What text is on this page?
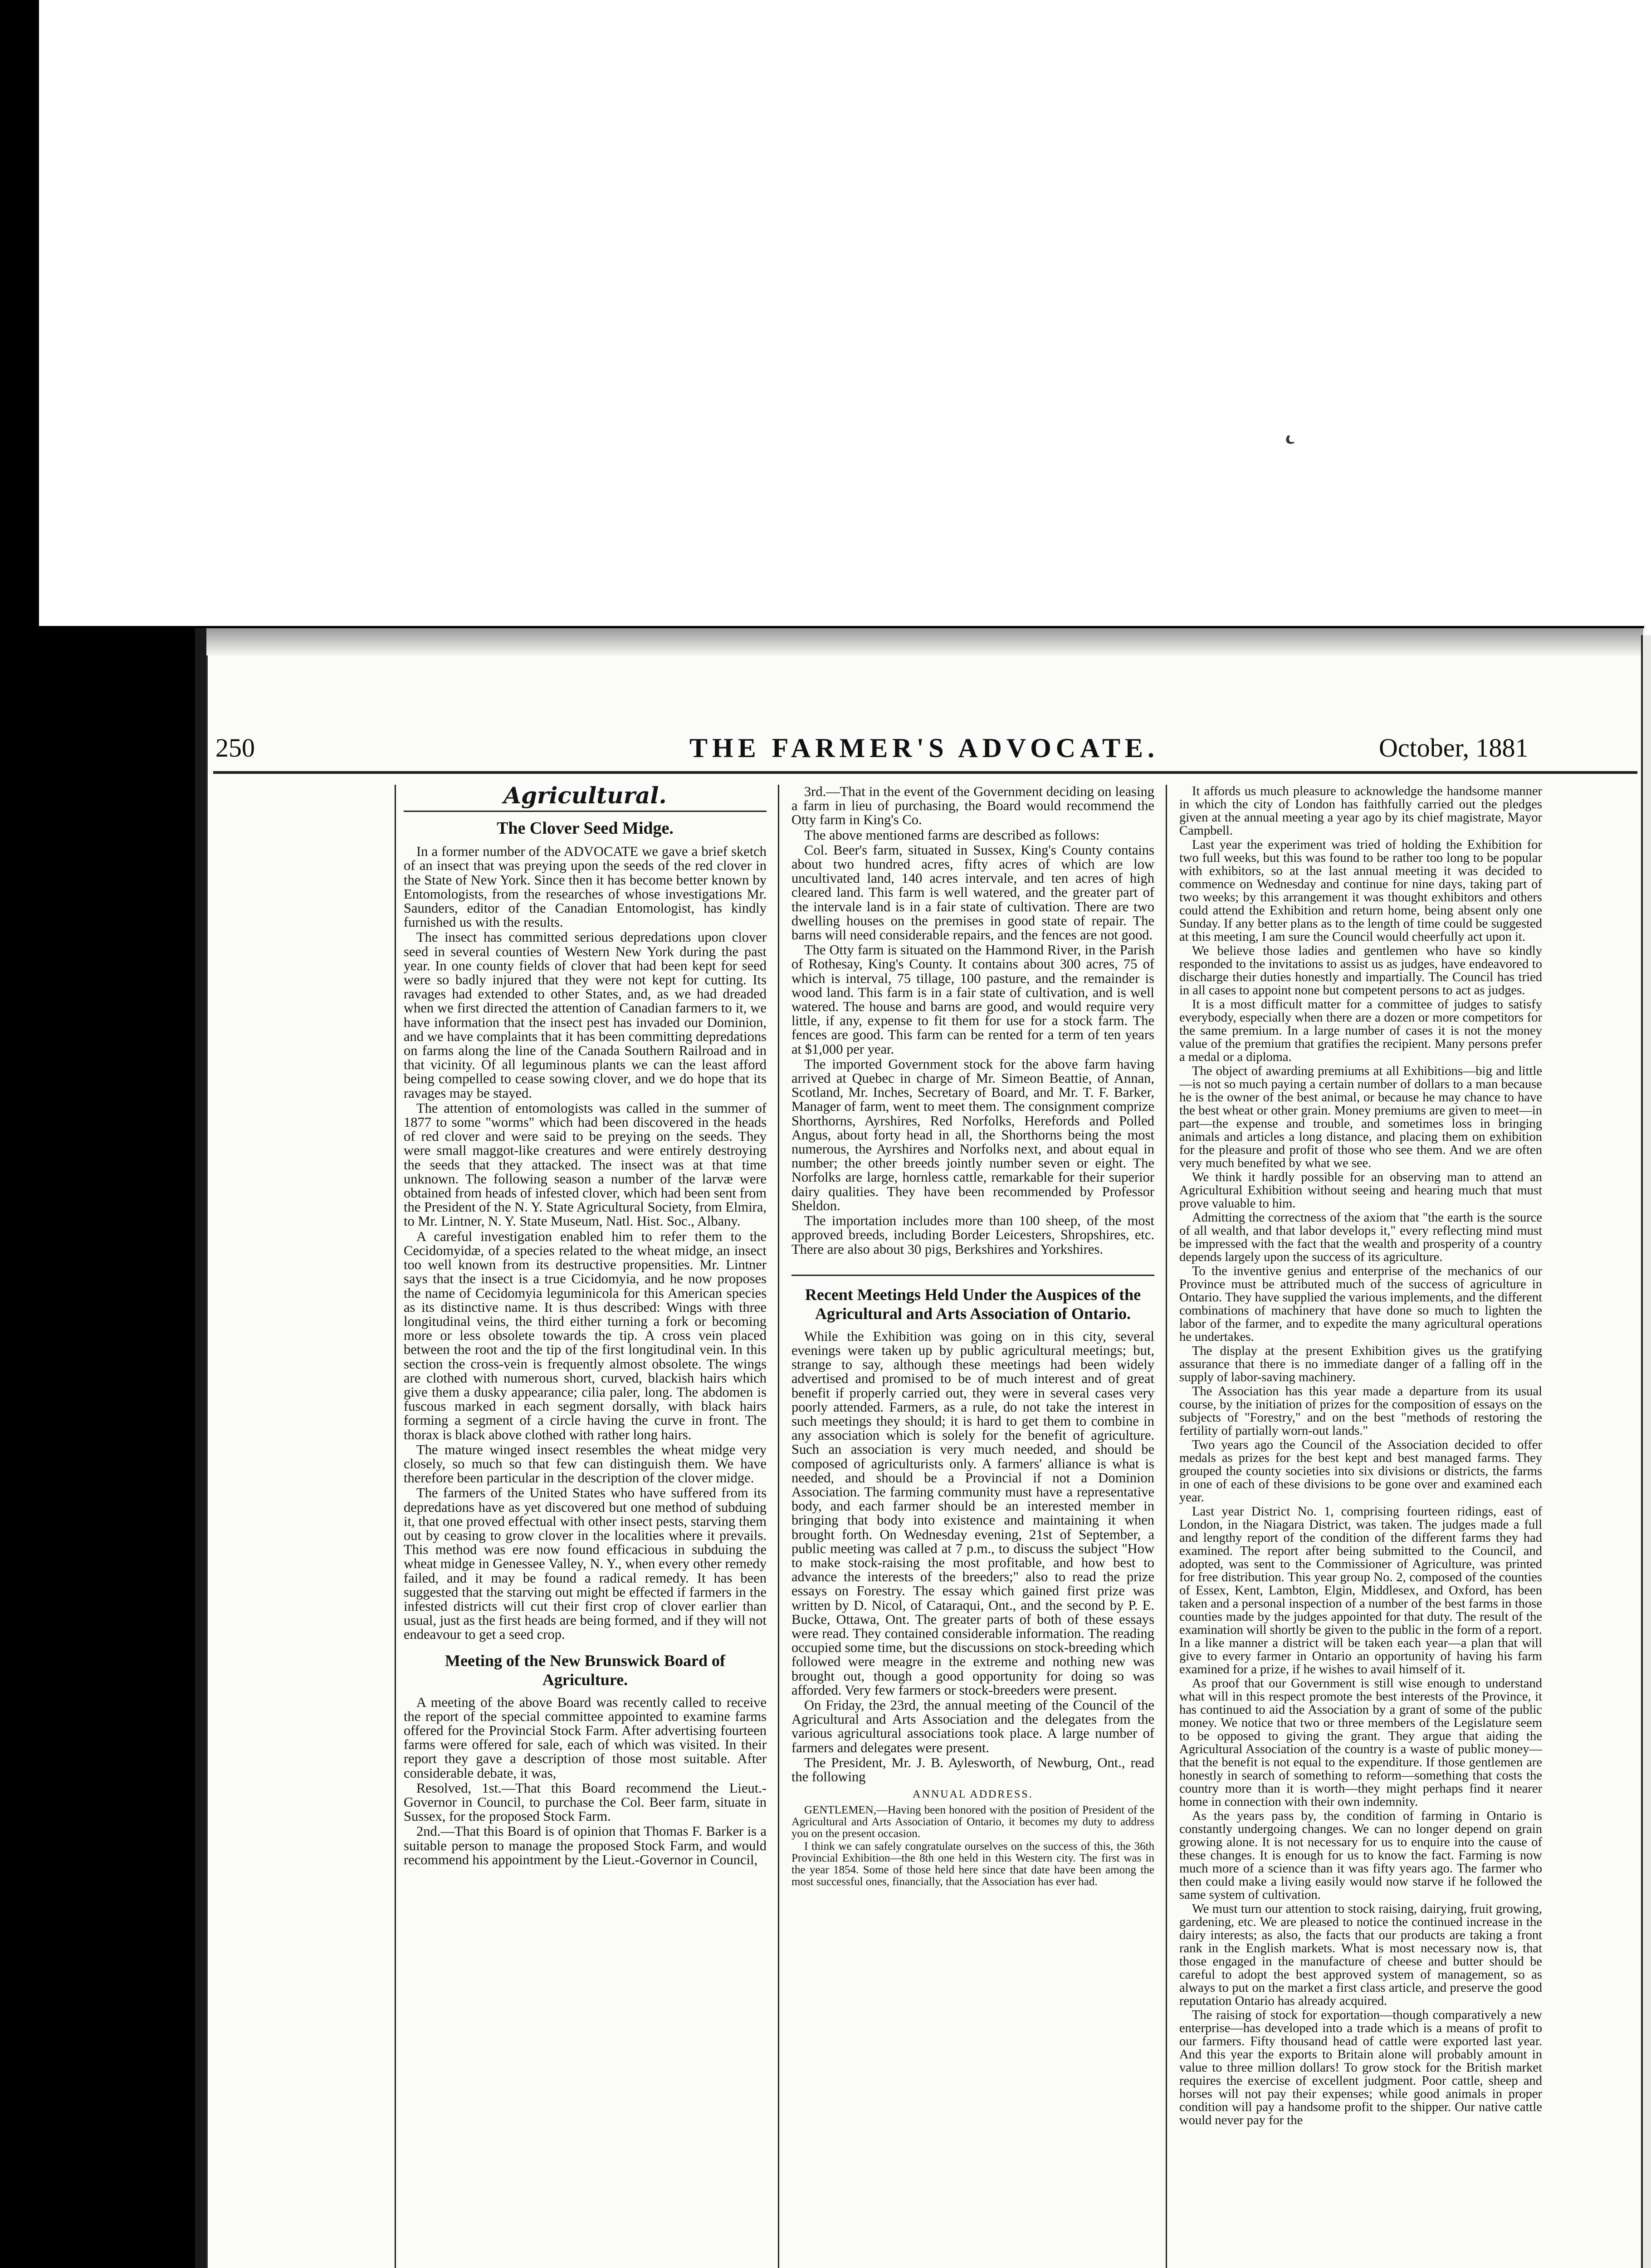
˛
250	THE FARMER'S ADVOCATE.	October, 1881
Agricultural.
The Clover Seed Midge.

In a former number of the ADVOCATE we gave a brief sketch of an insect that was preying upon the seeds of the red clover in the State of New York. Since then it has become better known by Entomologists, from the researches of whose investigations Mr. Saunders, editor of the Canadian Entomologist, has kindly furnished us with the results.

The insect has committed serious depredations upon clover seed in several counties of Western New York during the past year. In one county fields of clover that had been kept for seed were so badly injured that they were not kept for cutting. Its ravages had extended to other States, and, as we had dreaded when we first directed the attention of Canadian farmers to it, we have information that the insect pest has invaded our Dominion, and we have complaints that it has been committing depredations on farms along the line of the Canada Southern Railroad and in that vicinity. Of all leguminous plants we can the least afford being compelled to cease sowing clover, and we do hope that its ravages may be stayed.

The attention of entomologists was called in the summer of 1877 to some "worms" which had been discovered in the heads of red clover and were said to be preying on the seeds. They were small maggot-like creatures and were entirely destroying the seeds that they attacked. The insect was at that time unknown. The following season a number of the larvæ were obtained from heads of infested clover, which had been sent from the President of the N. Y. State Agricultural Society, from Elmira, to Mr. Lintner, N. Y. State Museum, Natl. Hist. Soc., Albany.

A careful investigation enabled him to refer them to the Cecidomyidæ, of a species related to the wheat midge, an insect too well known from its destructive propensities. Mr. Lintner says that the insect is a true Cicidomyia, and he now proposes the name of Cecidomyia leguminicola for this American species as its distinctive name. It is thus described: Wings with three longitudinal veins, the third either turning a fork or becoming more or less obsolete towards the tip. A cross vein placed between the root and the tip of the first longitudinal vein. In this section the cross-vein is frequently almost obsolete. The wings are clothed with numerous short, curved, blackish hairs which give them a dusky appearance; cilia paler, long. The abdomen is fuscous marked in each segment dorsally, with black hairs forming a segment of a circle having the curve in front. The thorax is black above clothed with rather long hairs.

The mature winged insect resembles the wheat midge very closely, so much so that few can distinguish them. We have therefore been particular in the description of the clover midge.

The farmers of the United States who have suffered from its depredations have as yet discovered but one method of subduing it, that one proved effectual with other insect pests, starving them out by ceasing to grow clover in the localities where it prevails. This method was ere now found efficacious in subduing the wheat midge in Genessee Valley, N. Y., when every other remedy failed, and it may be found a radical remedy. It has been suggested that the starving out might be effected if farmers in the infested districts will cut their first crop of clover earlier than usual, just as the first heads are being formed, and if they will not endeavour to get a seed crop.

Meeting of the New Brunswick Board of Agriculture.

A meeting of the above Board was recently called to receive the report of the special committee appointed to examine farms offered for the Provincial Stock Farm. After advertising fourteen farms were offered for sale, each of which was visited. In their report they gave a description of those most suitable. After considerable debate, it was,

Resolved, 1st.—That this Board recommend the Lieut.-Governor in Council, to purchase the Col. Beer farm, situate in Sussex, for the proposed Stock Farm.

2nd.—That this Board is of opinion that Thomas F. Barker is a suitable person to manage the proposed Stock Farm, and would recommend his appointment by the Lieut.-Governor in Council,

3rd.—That in the event of the Government deciding on leasing a farm in lieu of purchasing, the Board would recommend the Otty farm in King's Co.

The above mentioned farms are described as follows:

Col. Beer's farm, situated in Sussex, King's County contains about two hundred acres, fifty acres of which are low uncultivated land, 140 acres intervale, and ten acres of high cleared land. This farm is well watered, and the greater part of the intervale land is in a fair state of cultivation. There are two dwelling houses on the premises in good state of repair. The barns will need considerable repairs, and the fences are not good.

The Otty farm is situated on the Hammond River, in the Parish of Rothesay, King's County. It contains about 300 acres, 75 of which is interval, 75 tillage, 100 pasture, and the remainder is wood land. This farm is in a fair state of cultivation, and is well watered. The house and barns are good, and would require very little, if any, expense to fit them for use for a stock farm. The fences are good. This farm can be rented for a term of ten years at $1,000 per year.

The imported Government stock for the above farm having arrived at Quebec in charge of Mr. Simeon Beattie, of Annan, Scotland, Mr. Inches, Secretary of Board, and Mr. T. F. Barker, Manager of farm, went to meet them. The consignment comprize Shorthorns, Ayrshires, Red Norfolks, Herefords and Polled Angus, about forty head in all, the Shorthorns being the most numerous, the Ayrshires and Norfolks next, and about equal in number; the other breeds jointly number seven or eight. The Norfolks are large, hornless cattle, remarkable for their superior dairy qualities. They have been recommended by Professor Sheldon.

The importation includes more than 100 sheep, of the most approved breeds, including Border Leicesters, Shropshires, etc. There are also about 30 pigs, Berkshires and Yorkshires.

Recent Meetings Held Under the Auspices of the Agricultural and Arts Association of Ontario.

While the Exhibition was going on in this city, several evenings were taken up by public agricultural meetings; but, strange to say, although these meetings had been widely advertised and promised to be of much interest and of great benefit if properly carried out, they were in several cases very poorly attended. Farmers, as a rule, do not take the interest in such meetings they should; it is hard to get them to combine in any association which is solely for the benefit of agriculture. Such an association is very much needed, and should be composed of agriculturists only. A farmers' alliance is what is needed, and should be a Provincial if not a Dominion Association. The farming community must have a representative body, and each farmer should be an interested member in bringing that body into existence and maintaining it when brought forth. On Wednesday evening, 21st of September, a public meeting was called at 7 p.m., to discuss the subject "How to make stock-raising the most profitable, and how best to advance the interests of the breeders;" also to read the prize essays on Forestry. The essay which gained first prize was written by D. Nicol, of Cataraqui, Ont., and the second by P. E. Bucke, Ottawa, Ont. The greater parts of both of these essays were read. They contained considerable information. The reading occupied some time, but the discussions on stock-breeding which followed were meagre in the extreme and nothing new was brought out, though a good opportunity for doing so was afforded. Very few farmers or stock-breeders were present.

On Friday, the 23rd, the annual meeting of the Council of the Agricultural and Arts Association and the delegates from the various agricultural associations took place. A large number of farmers and delegates were present.

The President, Mr. J. B. Aylesworth, of Newburg, Ont., read the following

ANNUAL ADDRESS.

GENTLEMEN,—Having been honored with the position of President of the Agricultural and Arts Association of Ontario, it becomes my duty to address you on the present occasion.

I think we can safely congratulate ourselves on the success of this, the 36th Provincial Exhibition—the 8th one held in this Western city. The first was in the year 1854. Some of those held here since that date have been among the most successful ones, financially, that the Association has ever had.

It affords us much pleasure to acknowledge the handsome manner in which the city of London has faithfully carried out the pledges given at the annual meeting a year ago by its chief magistrate, Mayor Campbell.

Last year the experiment was tried of holding the Exhibition for two full weeks, but this was found to be rather too long to be popular with exhibitors, so at the last annual meeting it was decided to commence on Wednesday and continue for nine days, taking part of two weeks; by this arrangement it was thought exhibitors and others could attend the Exhibition and return home, being absent only one Sunday. If any better plans as to the length of time could be suggested at this meeting, I am sure the Council would cheerfully act upon it.

We believe those ladies and gentlemen who have so kindly responded to the invitations to assist us as judges, have endeavored to discharge their duties honestly and impartially. The Council has tried in all cases to appoint none but competent persons to act as judges.

It is a most difficult matter for a committee of judges to satisfy everybody, especially when there are a dozen or more competitors for the same premium. In a large number of cases it is not the money value of the premium that gratifies the recipient. Many persons prefer a medal or a diploma.

The object of awarding premiums at all Exhibitions—big and little—is not so much paying a certain number of dollars to a man because he is the owner of the best animal, or because he may chance to have the best wheat or other grain. Money premiums are given to meet—in part—the expense and trouble, and sometimes loss in bringing animals and articles a long distance, and placing them on exhibition for the pleasure and profit of those who see them. And we are often very much benefited by what we see.

We think it hardly possible for an observing man to attend an Agricultural Exhibition without seeing and hearing much that must prove valuable to him.

Admitting the correctness of the axiom that "the earth is the source of all wealth, and that labor develops it," every reflecting mind must be impressed with the fact that the wealth and prosperity of a country depends largely upon the success of its agriculture.

To the inventive genius and enterprise of the mechanics of our Province must be attributed much of the success of agriculture in Ontario. They have supplied the various implements, and the different combinations of machinery that have done so much to lighten the labor of the farmer, and to expedite the many agricultural operations he undertakes.

The display at the present Exhibition gives us the gratifying assurance that there is no immediate danger of a falling off in the supply of labor-saving machinery.

The Association has this year made a departure from its usual course, by the initiation of prizes for the composition of essays on the subjects of "Forestry," and on the best "methods of restoring the fertility of partially worn-out lands."

Two years ago the Council of the Association decided to offer medals as prizes for the best kept and best managed farms. They grouped the county societies into six divisions or districts, the farms in one of each of these divisions to be gone over and examined each year.

Last year District No. 1, comprising fourteen ridings, east of London, in the Niagara District, was taken. The judges made a full and lengthy report of the condition of the different farms they had examined. The report after being submitted to the Council, and adopted, was sent to the Commissioner of Agriculture, was printed for free distribution. This year group No. 2, composed of the counties of Essex, Kent, Lambton, Elgin, Middlesex, and Oxford, has been taken and a personal inspection of a number of the best farms in those counties made by the judges appointed for that duty. The result of the examination will shortly be given to the public in the form of a report. In a like manner a district will be taken each year—a plan that will give to every farmer in Ontario an opportunity of having his farm examined for a prize, if he wishes to avail himself of it.

As proof that our Government is still wise enough to understand what will in this respect promote the best interests of the Province, it has continued to aid the Association by a grant of some of the public money. We notice that two or three members of the Legislature seem to be opposed to giving the grant. They argue that aiding the Agricultural Association of the country is a waste of public money—that the benefit is not equal to the expenditure. If those gentlemen are honestly in search of something to reform—something that costs the country more than it is worth—they might perhaps find it nearer home in connection with their own indemnity.

As the years pass by, the condition of farming in Ontario is constantly undergoing changes. We can no longer depend on grain growing alone. It is not necessary for us to enquire into the cause of these changes. It is enough for us to know the fact. Farming is now much more of a science than it was fifty years ago. The farmer who then could make a living easily would now starve if he followed the same system of cultivation.

We must turn our attention to stock raising, dairying, fruit growing, gardening, etc. We are pleased to notice the continued increase in the dairy interests; as also, the facts that our products are taking a front rank in the English markets. What is most necessary now is, that those engaged in the manufacture of cheese and butter should be careful to adopt the best approved system of management, so as always to put on the market a first class article, and preserve the good reputation Ontario has already acquired.

The raising of stock for exportation—though comparatively a new enterprise—has developed into a trade which is a means of profit to our farmers. Fifty thousand head of cattle were exported last year. And this year the exports to Britain alone will probably amount in value to three million dollars! To grow stock for the British market requires the exercise of excellent judgment. Poor cattle, sheep and horses will not pay their expenses; while good animals in proper condition will pay a handsome profit to the shipper. Our native cattle would never pay for the
